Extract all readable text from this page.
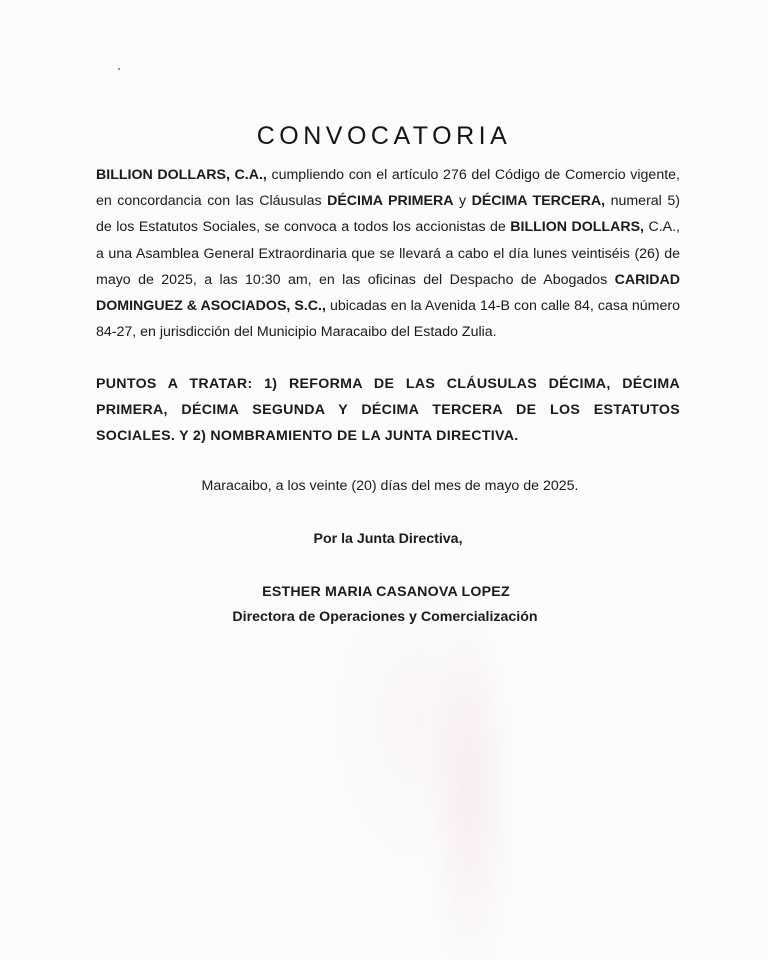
CONVOCATORIA
BILLION DOLLARS, C.A., cumpliendo con el artículo 276 del Código de Comercio vigente, en concordancia con las Cláusulas DÉCIMA PRIMERA y DÉCIMA TERCERA, numeral 5) de los Estatutos Sociales, se convoca a todos los accionistas de BILLION DOLLARS, C.A., a una Asamblea General Extraordinaria que se llevará a cabo el día lunes veintiséis (26) de mayo de 2025, a las 10:30 am, en las oficinas del Despacho de Abogados CARIDAD DOMINGUEZ & ASOCIADOS, S.C., ubicadas en la Avenida 14-B con calle 84, casa número 84-27, en jurisdicción del Municipio Maracaibo del Estado Zulia.
PUNTOS A TRATAR: 1) REFORMA DE LAS CLÁUSULAS DÉCIMA, DÉCIMA PRIMERA, DÉCIMA SEGUNDA Y DÉCIMA TERCERA DE LOS ESTATUTOS SOCIALES. Y 2) NOMBRAMIENTO DE LA JUNTA DIRECTIVA.
Maracaibo, a los veinte (20) días del mes de mayo de 2025.
Por la Junta Directiva,
ESTHER MARIA CASANOVA LOPEZ
Directora de Operaciones y Comercialización
